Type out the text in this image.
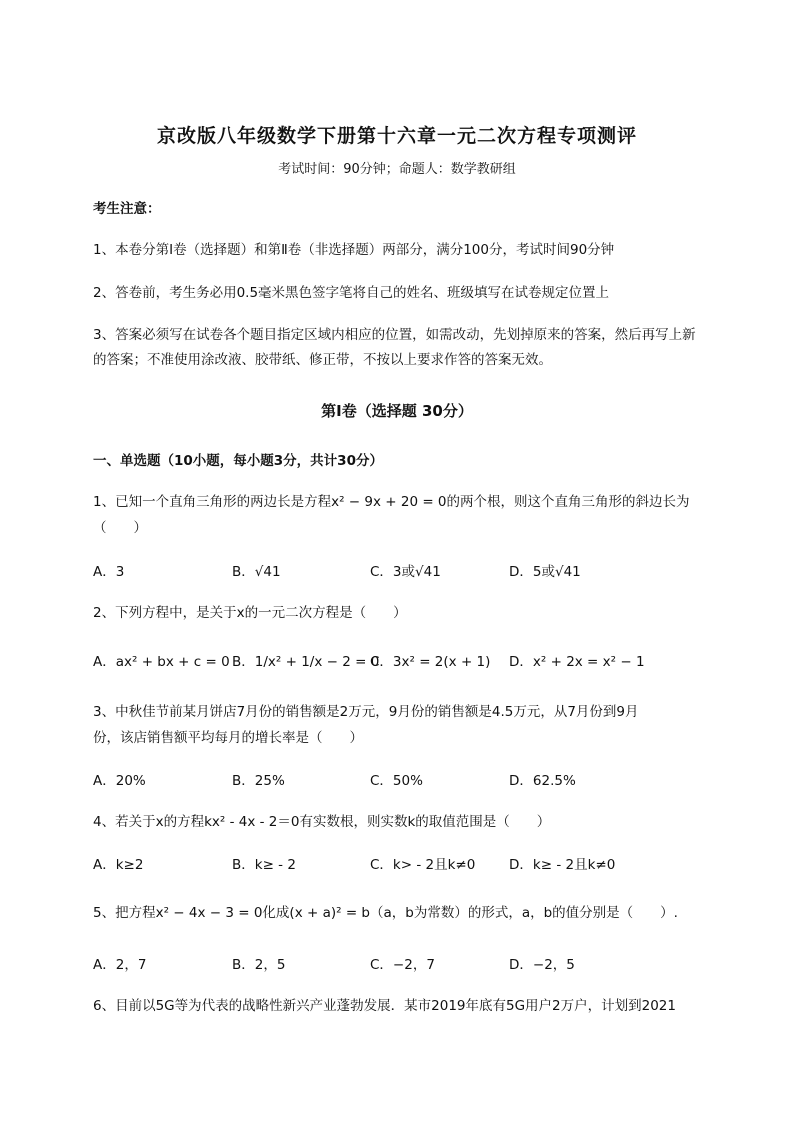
京改版八年级数学下册第十六章一元二次方程专项测评
考试时间：90分钟；命题人：数学教研组
考生注意：
1、本卷分第I卷（选择题）和第Ⅱ卷（非选择题）两部分，满分100分，考试时间90分钟
2、答卷前，考生务必用0.5毫米黑色签字笔将自己的姓名、班级填写在试卷规定位置上
3、答案必须写在试卷各个题目指定区域内相应的位置，如需改动，先划掉原来的答案，然后再写上新
的答案；不准使用涂改液、胶带纸、修正带，不按以上要求作答的答案无效。
第I卷（选择题 30分）
一、单选题（10小题，每小题3分，共计30分）
1、已知一个直角三角形的两边长是方程x² − 9x + 20 = 0的两个根，则这个直角三角形的斜边长为
（　　）
A．3	B．√41	C．3或√41	D．5或√41
2、下列方程中，是关于x的一元二次方程是（　　）
A．ax² + bx + c = 0 B．1/x² + 1/x − 2 = 0
C．3x² = 2(x + 1) D．x² + 2x = x² − 1
3、中秋佳节前某月饼店7月份的销售额是2万元，9月份的销售额是4.5万元，从7月份到9月
份，该店销售额平均每月的增长率是（　　）
A．20%	B．25%	C．50%	D．62.5%
4、若关于x的方程kx² - 4x - 2＝0有实数根，则实数k的取值范围是（　　）
A．k≥2	B．k≥ - 2	C．k> - 2且k≠0 D．k≥ - 2且k≠0
5、把方程x² − 4x − 3 = 0化成(x + a)² = b（a，b为常数）的形式，a，b的值分别是（　　）.
A．2，7	B．2，5	C．−2，7	D．−2，5
6、目前以5G等为代表的战略性新兴产业蓬勃发展．某市2019年底有5G用户2万户，计划到2021
